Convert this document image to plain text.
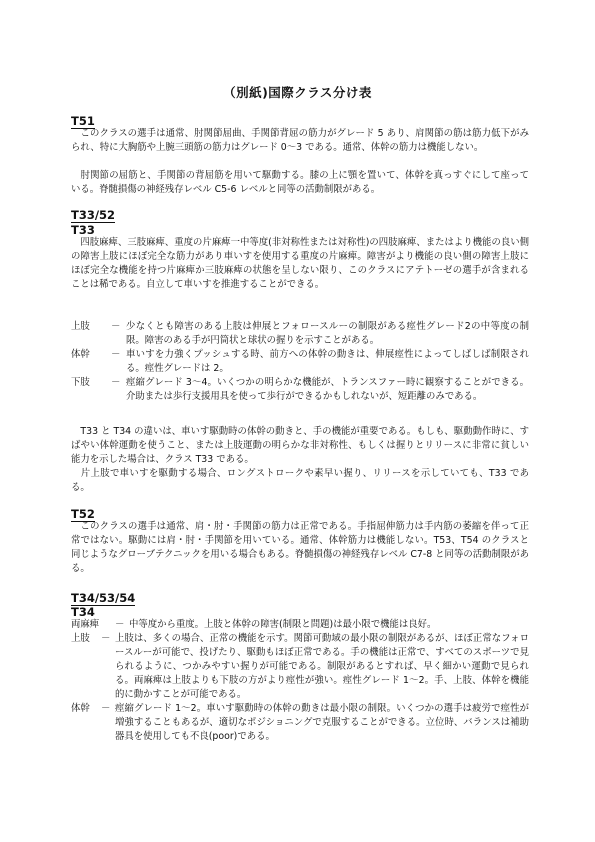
（別紙)国際クラス分け表
T51
　このクラスの選手は通常、肘関節屈曲、手関節背屈の筋力がグレード 5 あり、肩関節の筋は筋力低下がみられ、特に大胸筋や上腕三頭筋の筋力はグレード 0～3 である。通常、体幹の筋力は機能しない。
　肘関節の屈筋と、手関節の背屈筋を用いて駆動する。膝の上に顎を置いて、体幹を真っすぐにして座っている。脊髄損傷の神経残存レベル C5-6 レベルと同等の活動制限がある。
T33/52
T33
　四肢麻痺、三肢麻痺、重度の片麻痺一中等度(非対称性または対称性)の四肢麻痺、またはより機能の良い側の障害上肢にほぼ完全な筋力があり車いすを使用する重度の片麻痺。障害がより機能の良い側の障害上肢にほぼ完全な機能を持つ片麻痺か三肢麻痺の状態を呈しない限り、このクラスにアテトーゼの選手が含まれることは稀である。自立して車いすを推進することができる。
上肢	－ 少なくとも障害のある上肢は伸展とフォロースルーの制限がある痙性グレード2の中等度の制限。障害のある手が円筒状と球状の握りを示すことがある。
体幹	－ 車いすを力強くプッシュする時、前方への体幹の動きは、伸展痙性によってしばしば制限される。痙性グレードは 2。
下肢	－ 痙縮グレード 3～4。いくつかの明らかな機能が、トランスファー時に観察することができる。介助または歩行支援用具を使って歩行ができるかもしれないが、短距離のみである。
　T33 と T34 の違いは、車いす駆動時の体幹の動きと、手の機能が重要である。もしも、駆動動作時に、すばやい体幹運動を使うこと、または上肢運動の明らかな非対称性、もしくは握りとリリースに非常に貧しい能力を示した場合は、クラス T33 である。
　片上肢で車いすを駆動する場合、ロングストロークや素早い握り、リリースを示していても、T33 である。
T52
　このクラスの選手は通常、肩・肘・手関節の筋力は正常である。手指屈伸筋力は手内筋の萎縮を伴って正常ではない。駆動には肩・肘・手関節を用いている。通常、体幹筋力は機能しない。T53、T54 のクラスと同じようなグローブテクニックを用いる場合もある。脊髄損傷の神経残存レベル C7-8 と同等の活動制限がある。
T34/53/54
T34
両麻痺	－ 中等度から重度。上肢と体幹の障害(制限と問題)は最小限で機能は良好。
上肢	－ 上肢は、多くの場合、正常の機能を示す。関節可動域の最小限の制限があるが、ほぼ正常なフォロースルーが可能で、投げたり、駆動もほぼ正常である。手の機能は正常で、すべてのスポーツで見られるように、つかみやすい握りが可能である。制限があるとすれば、早く細かい運動で見られる。両麻痺は上肢よりも下肢の方がより痙性が強い。痙性グレード 1～2。手、上肢、体幹を機能的に動かすことが可能である。
体幹	－ 痙縮グレード 1～2。車いす駆動時の体幹の動きは最小限の制限。いくつかの選手は疲労で痙性が増強することもあるが、適切なポジショニングで克服することができる。立位時、バランスは補助器具を使用しても不良(poor)である。
